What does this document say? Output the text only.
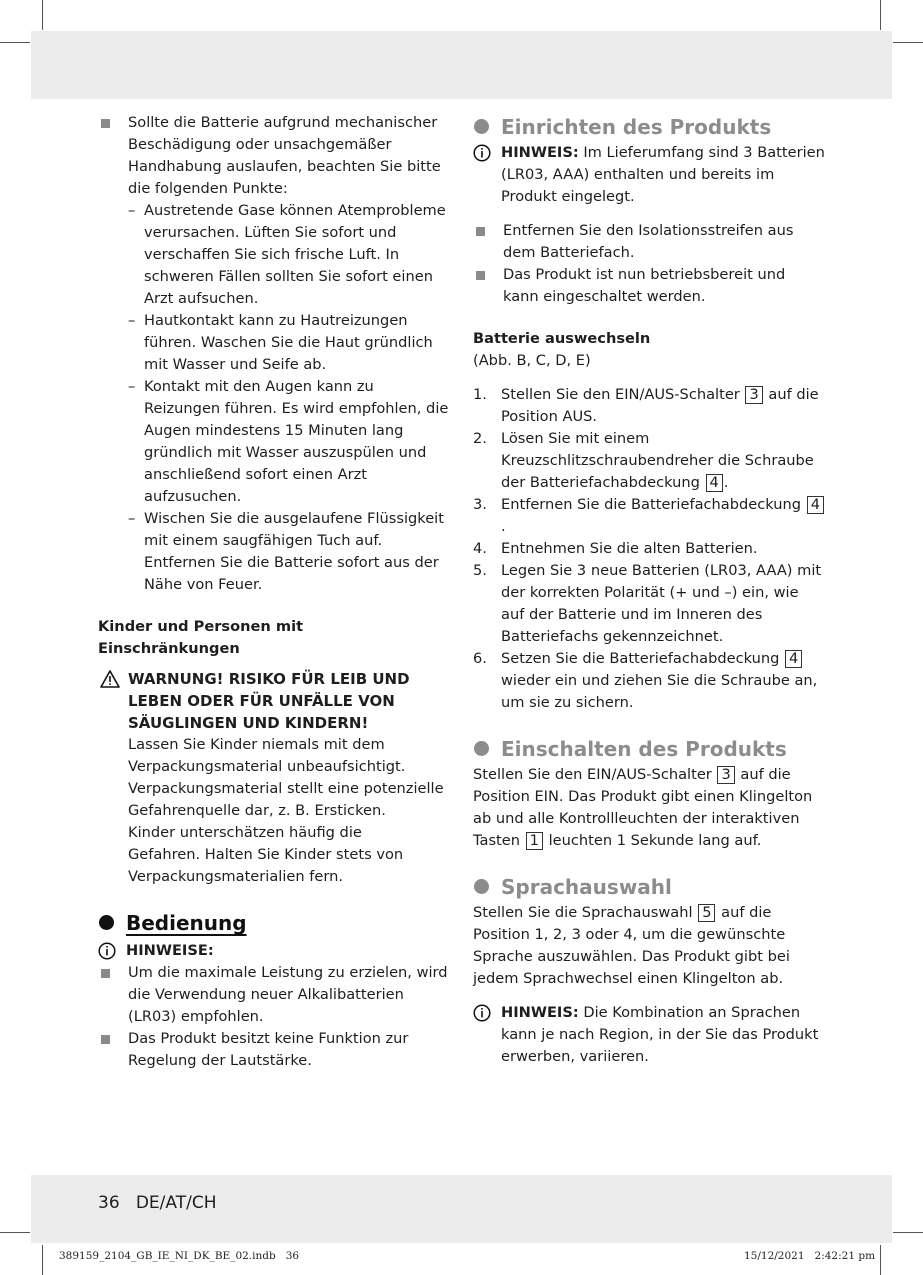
Sollte die Batterie aufgrund mechanischer Beschädigung oder unsachgemäßer Handhabung auslaufen, beachten Sie bitte die folgenden Punkte:
– Austretende Gase können Atemprobleme verursachen. Lüften Sie sofort und verschaffen Sie sich frische Luft. In schweren Fällen sollten Sie sofort einen Arzt aufsuchen.
– Hautkontakt kann zu Hautreizungen führen. Waschen Sie die Haut gründlich mit Wasser und Seife ab.
– Kontakt mit den Augen kann zu Reizungen führen. Es wird empfohlen, die Augen mindestens 15 Minuten lang gründlich mit Wasser auszuspülen und anschließend sofort einen Arzt aufzusuchen.
– Wischen Sie die ausgelaufene Flüssigkeit mit einem saugfähigen Tuch auf. Entfernen Sie die Batterie sofort aus der Nähe von Feuer.
Kinder und Personen mit Einschränkungen
WARNUNG! RISIKO FÜR LEIB UND LEBEN ODER FÜR UNFÄLLE VON SÄUGLINGEN UND KINDERN!
Lassen Sie Kinder niemals mit dem
Verpackungsmaterial unbeaufsichtigt.
Verpackungsmaterial stellt eine potenzielle
Gefahrenquelle dar, z. B. Ersticken.
Kinder unterschätzen häufig die
Gefahren. Halten Sie Kinder stets von
Verpackungsmaterialien fern.
Bedienung
HINWEISE:
Um die maximale Leistung zu erzielen, wird die Verwendung neuer Alkalibatterien (LR03) empfohlen.
Das Produkt besitzt keine Funktion zur Regelung der Lautstärke.
Einrichten des Produkts
HINWEIS: Im Lieferumfang sind 3 Batterien (LR03, AAA) enthalten und bereits im Produkt eingelegt.
Entfernen Sie den Isolationsstreifen aus dem Batteriefach.
Das Produkt ist nun betriebsbereit und kann eingeschaltet werden.
Batterie auswechseln
(Abb. B, C, D, E)
1. Stellen Sie den EIN/AUS-Schalter 3 auf die Position AUS.
2. Lösen Sie mit einem Kreuzschlitzschraubendreher die Schraube der Batteriefachabdeckung 4 .
3. Entfernen Sie die Batteriefachabdeckung 4.
4. Entnehmen Sie die alten Batterien.
5. Legen Sie 3 neue Batterien (LR03, AAA) mit der korrekten Polarität (+ und –) ein, wie auf der Batterie und im Inneren des Batteriefachs gekennzeichnet.
6. Setzen Sie die Batteriefachabdeckung 4 wieder ein und ziehen Sie die Schraube an, um sie zu sichern.
Einschalten des Produkts
Stellen Sie den EIN/AUS-Schalter 3 auf die Position EIN. Das Produkt gibt einen Klingelton ab und alle Kontrollleuchten der interaktiven Tasten 1 leuchten 1 Sekunde lang auf.
Sprachauswahl
Stellen Sie die Sprachauswahl 5 auf die Position 1, 2, 3 oder 4, um die gewünschte Sprache auszuwählen. Das Produkt gibt bei jedem Sprachwechsel einen Klingelton ab.
HINWEIS: Die Kombination an Sprachen kann je nach Region, in der Sie das Produkt erwerben, variieren.
36   DE/AT/CH
389159_2104_GB_IE_NI_DK_BE_02.indb   36	15/12/2021   2:42:21 pm
